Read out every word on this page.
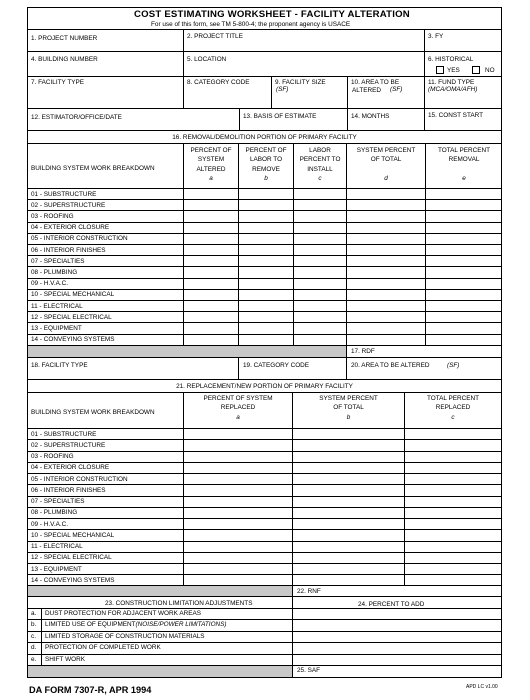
COST ESTIMATING WORKSHEET - FACILITY ALTERATION
For use of this form, see TM 5-800-4; the proponent agency is USACE
1. PROJECT NUMBER	2. PROJECT TITLE	3. FY
4. BUILDING NUMBER	5. LOCATION	6. HISTORICAL
YES	NO
7. FACILITY TYPE	8. CATEGORY CODE	9. FACILITY SIZE
(SF)
10. AREA TO BE
ALTERED (SF)
11. FUND TYPE
(MCA/OMA/AFH)
12. ESTIMATOR/OFFICE/DATE	13. BASIS OF ESTIMATE	14. MONTHS	15. CONST START
16. REMOVAL/DEMOLITION PORTION OF PRIMARY FACILITY
BUILDING SYSTEM WORK BREAKDOWN
PERCENT OF
SYSTEM
ALTERED
a
PERCENT OF
LABOR TO
REMOVE
b
LABOR
PERCENT TO
INSTALL
c
SYSTEM PERCENT
OF TOTAL
d
TOTAL PERCENT
REMOVAL
e
01 - SUBSTRUCTURE
02 - SUPERSTRUCTURE
03 - ROOFING
04 - EXTERIOR CLOSURE
05 - INTERIOR CONSTRUCTION
06 - INTERIOR FINISHES
07 - SPECIALTIES
08 - PLUMBING
09 - H.V.A.C.
10 - SPECIAL MECHANICAL
11 - ELECTRICAL
12 - SPECIAL ELECTRICAL
13 - EQUIPMENT
14 - CONVEYING SYSTEMS
17. RDF
18. FACILITY TYPE	19. CATEGORY CODE	20. AREA TO BE ALTERED	(SF)
21. REPLACEMENT/NEW PORTION OF PRIMARY FACILITY
BUILDING SYSTEM WORK BREAKDOWN
PERCENT OF SYSTEM
REPLACED
a
SYSTEM PERCENT
OF TOTAL
b
TOTAL PERCENT
REPLACED
c
01 - SUBSTRUCTURE
02 - SUPERSTRUCTURE
03 - ROOFING
04 - EXTERIOR CLOSURE
05 - INTERIOR CONSTRUCTION
06 - INTERIOR FINISHES
07 - SPECIALTIES
08 - PLUMBING
09 - H.V.A.C.
10 - SPECIAL MECHANICAL
11 - ELECTRICAL
12 - SPECIAL ELECTRICAL
13 - EQUIPMENT
14 - CONVEYING SYSTEMS
22. RNF
23. CONSTRUCTION LIMITATION ADJUSTMENTS	24. PERCENT TO ADD
a. DUST PROTECTION FOR ADJACENT WORK AREAS
b. LIMITED USE OF EQUIPMENT(NOISE/POWER LIMITATIONS)
c. LIMITED STORAGE OF CONSTRUCTION MATERIALS
d. PROTECTION OF COMPLETED WORK
e. SHIFT WORK
25. SAF
DA FORM 7307-R, APR 1994	APD LC v1.00
